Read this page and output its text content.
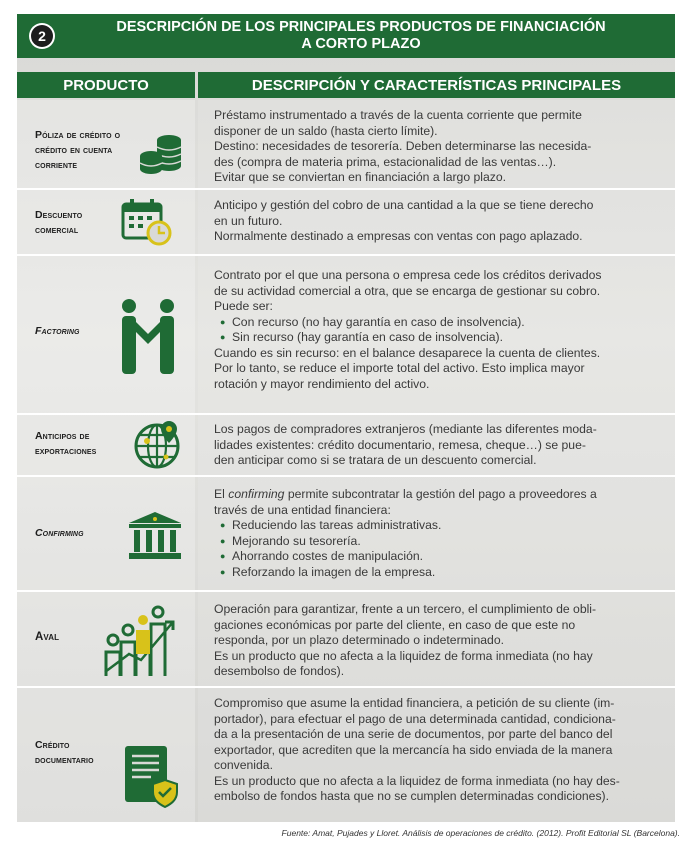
2
DESCRIPCIÓN DE LOS PRINCIPALES PRODUCTOS DE FINANCIACIÓN
A CORTO PLAZO
PRODUCTO	DESCRIPCIÓN Y CARACTERÍSTICAS PRINCIPALES
Póliza de crédito o
crédito en cuenta
corriente

Préstamo instrumentado a través de la cuenta corriente que permite

disponer de un saldo (hasta cierto límite).

Destino: necesidades de tesorería. Deben determinarse las necesida-

des (compra de materia prima, estacionalidad de las ventas…).

Evitar que se conviertan en financiación a largo plazo.

Descuento
comercial

Anticipo y gestión del cobro de una cantidad a la que se tiene derecho

en un futuro.

Normalmente destinado a empresas con ventas con pago aplazado.

Factoring

Contrato por el que una persona o empresa cede los créditos derivados

de su actividad comercial a otra, que se encarga de gestionar su cobro.

Puede ser:

● Con recurso (no hay garantía en caso de insolvencia).
● Sin recurso (hay garantía en caso de insolvencia).

Cuando es sin recurso: en el balance desaparece la cuenta de clientes.

Por lo tanto, se reduce el importe total del activo. Esto implica mayor

rotación y mayor rendimiento del activo.

Anticipos de
exportaciones

Los pagos de compradores extranjeros (mediante las diferentes moda-

lidades existentes: crédito documentario, remesa, cheque…) se pue-

den anticipar como si se tratara de un descuento comercial.

Confirming

El confirming permite subcontratar la gestión del pago a proveedores a

través de una entidad financiera:

● Reduciendo las tareas administrativas.
● Mejorando su tesorería.
● Ahorrando costes de manipulación.
● Reforzando la imagen de la empresa.
Aval

Operación para garantizar, frente a un tercero, el cumplimiento de obli-

gaciones económicas por parte del cliente, en caso de que este no

responda, por un plazo determinado o indeterminado.

Es un producto que no afecta a la liquidez de forma inmediata (no hay

desembolso de fondos).

Crédito
documentario

Compromiso que asume la entidad financiera, a petición de su cliente (im-

portador), para efectuar el pago de una determinada cantidad, condiciona-

da a la presentación de una serie de documentos, por parte del banco del

exportador, que acrediten que la mercancía ha sido enviada de la manera

convenida.

Es un producto que no afecta a la liquidez de forma inmediata (no hay des-

embolso de fondos hasta que no se cumplen determinadas condiciones).

Fuente: Amat, Pujades y Lloret. Análisis de operaciones de crédito. (2012). Profit Editorial SL (Barcelona).
